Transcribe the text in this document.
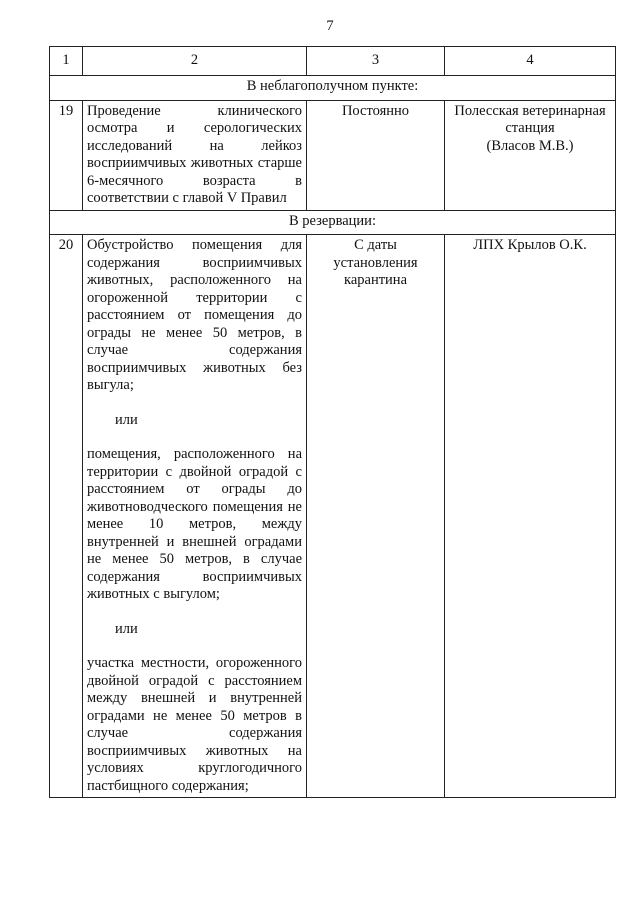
7
1	2	3	4
В неблагополучном пункте:			
19	Проведение клинического осмотра и серологических исследований на лейкоз восприимчивых животных старше 6-месячного возраста в соответствии с главой V Правил	Постоянно	Полесская ветеринарная станция
(Власов М.В.)

В резервации:			
20	Обустройство помещения для содержания восприимчивых животных, расположенного на огороженной территории с расстоянием от помещения до ограды не менее 50 метров, в случае содержания восприимчивых животных без выгула;
или
помещения, расположенного на территории с двойной оградой с расстоянием от ограды до животноводческого помещения не менее 10 метров, между внутренней и внешней оградами не менее 50 метров, в случае содержания восприимчивых животных с выгулом;
или
участка местности, огороженного двойной оградой с расстоянием между внешней и внутренней оградами не менее 50 метров в случае содержания восприимчивых животных на условиях круглогодичного пастбищного содержания;	С даты установления карантина	ЛПХ Крылов О.К.
